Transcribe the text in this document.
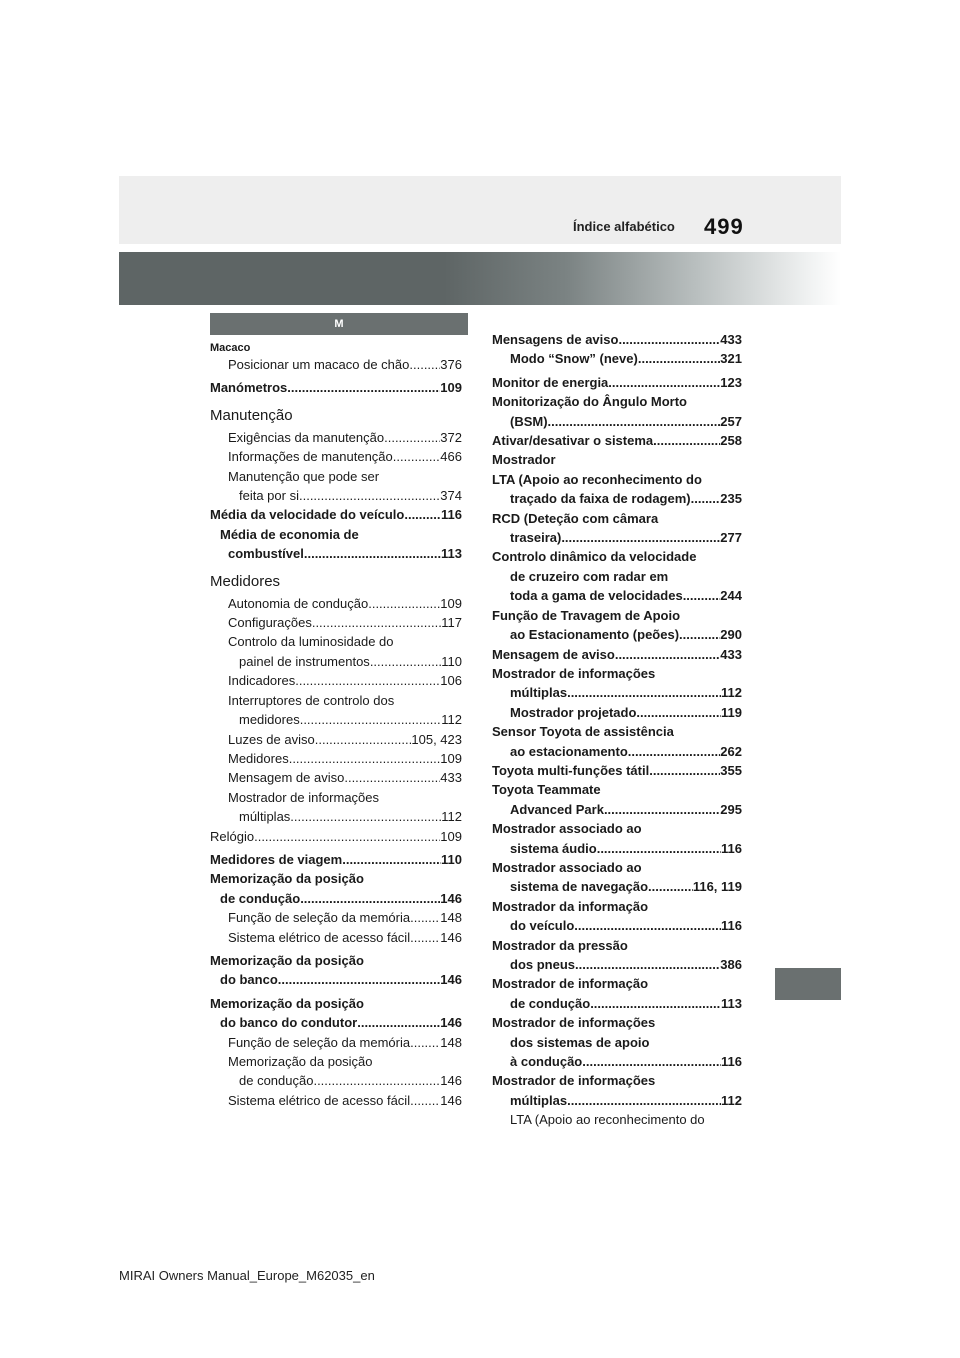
Índice alfabético 499
M
Macaco
Posicionar um macaco de chão ..... 376
Manómetros .....	109
Manutenção
Exigências da manutenção .....	372
Informações de manutenção .....	466
Manutenção que pode ser
feita por si .....	374
Média da velocidade do veículo .....	116
Média de economia de
combustível .....	113
Medidores
Autonomia de condução .....	109
Configurações .....	117
Controlo da luminosidade do
painel de instrumentos .....	110
Indicadores .....	106
Interruptores de controlo dos
medidores .....	112
Luzes de aviso .....	105, 423
Medidores .....	109
Mensagem de aviso .....	433
Mostrador de informações
múltiplas .....	112
Relógio .....	109
Medidores de viagem .....	110
Memorização da posição
de condução .....	146
Função de seleção da memória ..... 148
Sistema elétrico de acesso fácil ..... 146
Memorização da posição
do banco .....	146
Memorização da posição
do banco do condutor .....	146
Função de seleção da memória ..... 148
Memorização da posição
de condução .....	146
Sistema elétrico de acesso fácil ..... 146
Mensagens de aviso .....	433
Modo “Snow” (neve) .....	321
Monitor de energia .....	123
Monitorização do Ângulo Morto
(BSM) .....	257
Ativar/desativar o sistema .....	258
Mostrador
LTA (Apoio ao reconhecimento do
traçado da faixa de rodagem) ..... 235
RCD (Deteção com câmara
traseira) .....	277
Controlo dinâmico da velocidade
de cruzeiro com radar em
toda a gama de velocidades .....	244
Função de Travagem de Apoio
ao Estacionamento (peões) .....	290
Mensagem de aviso .....	433
Mostrador de informações
múltiplas .....	112
Mostrador projetado .....	119
Sensor Toyota de assistência
ao estacionamento .....	262
Toyota multi-funções tátil .....	355
Toyota Teammate
Advanced Park .....	295
Mostrador associado ao
sistema áudio .....	116
Mostrador associado ao
sistema de navegação .....	116, 119
Mostrador da informação
do veículo .....	116
Mostrador da pressão
dos pneus .....	386
Mostrador de informação
de condução .....	113
Mostrador de informações
dos sistemas de apoio
à condução .....	116
Mostrador de informações
múltiplas .....	112
LTA (Apoio ao reconhecimento do
MIRAI Owners Manual_Europe_M62035_en
